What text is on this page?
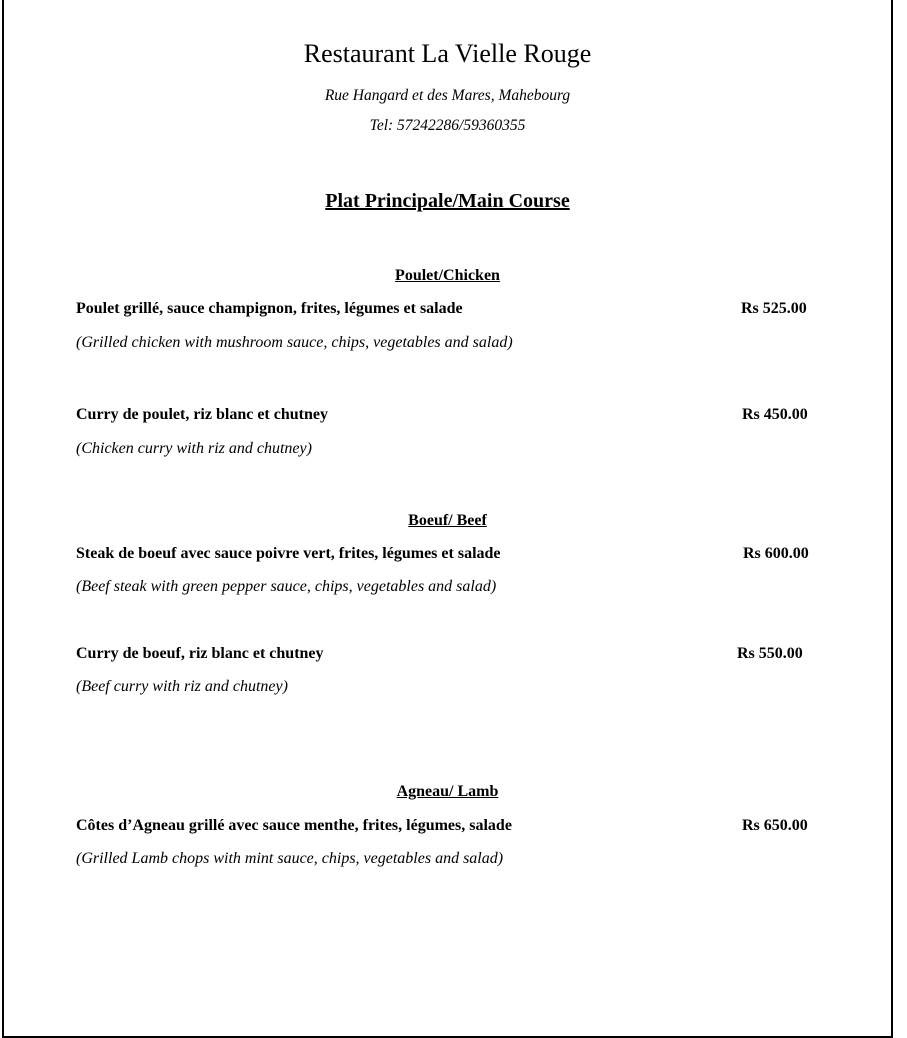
Restaurant La Vielle Rouge
Rue Hangard et des Mares, Mahebourg
Tel: 57242286/59360355
Plat Principale/Main Course
Poulet/Chicken
Poulet grillé, sauce champignon, frites, légumes et salade	Rs 525.00
(Grilled chicken with mushroom sauce, chips, vegetables and salad)
Curry de poulet, riz blanc et chutney	Rs 450.00
(Chicken curry with riz and chutney)
Boeuf/ Beef
Steak de boeuf avec sauce poivre vert, frites, légumes et salade	Rs 600.00
(Beef steak with green pepper sauce, chips, vegetables and salad)
Curry de boeuf, riz blanc et chutney	Rs 550.00
(Beef curry with riz and chutney)
Agneau/ Lamb
Côtes d’Agneau grillé avec sauce menthe, frites, légumes, salade	Rs 650.00
(Grilled Lamb chops with mint sauce, chips, vegetables and salad)
